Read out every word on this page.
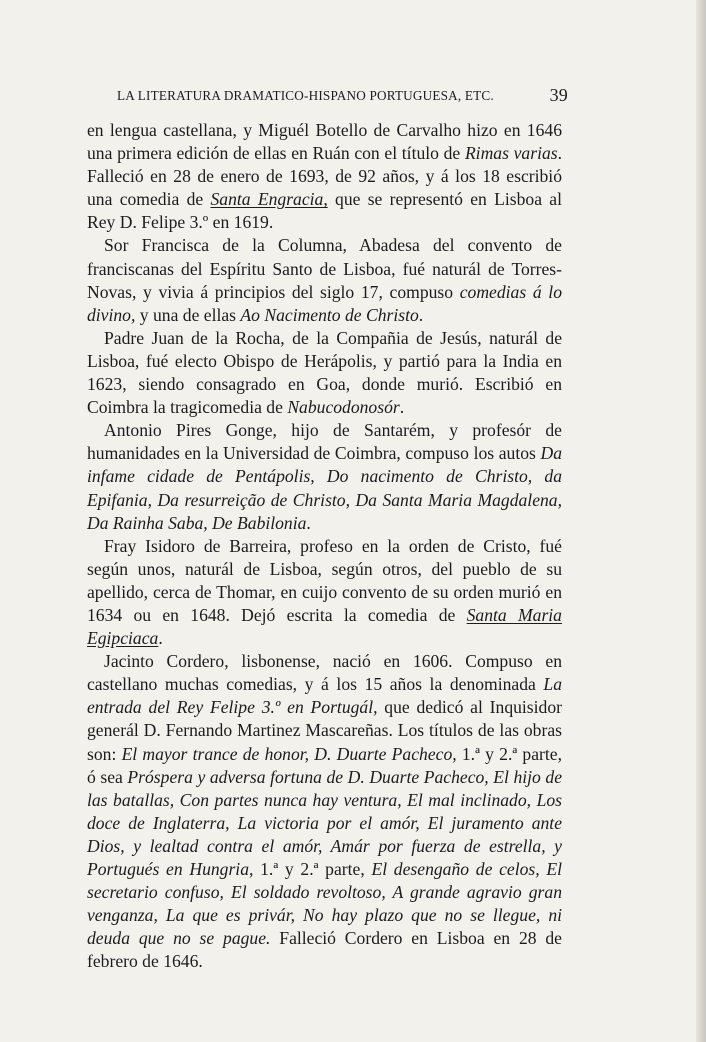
LA LITERATURA DRAMATICO-HISPANO PORTUGUESA, ETC.	39

en lengua castellana, y Miguél Botello de Carvalho hizo en 1646 una primera edición de ellas en Ruán con el título de Rimas varias. Falleció en 28 de enero de 1693, de 92 años, y á los 18 escribió una comedia de Santa Engracia, que se representó en Lisboa al Rey D. Felipe 3.º en 1619.

Sor Francisca de la Columna, Abadesa del convento de franciscanas del Espíritu Santo de Lisboa, fué naturál de Torres-Novas, y vivia á principios del siglo 17, compuso comedias á lo divino, y una de ellas Ao Nacimento de Christo.

Padre Juan de la Rocha, de la Compañia de Jesús, naturál de Lisboa, fué electo Obispo de Herápolis, y partió para la India en 1623, siendo consagrado en Goa, donde murió. Escribió en Coimbra la tragicomedia de Nabucodonosór.

Antonio Pires Gonge, hijo de Santarém, y profesór de humanidades en la Universidad de Coimbra, compuso los autos Da infame cidade de Pentápolis, Do nacimento de Christo, da Epifania, Da resurreição de Christo, Da Santa Maria Magdalena, Da Rainha Saba, De Babilonia.

Fray Isidoro de Barreira, profeso en la orden de Cristo, fué según unos, naturál de Lisboa, según otros, del pueblo de su apellido, cerca de Thomar, en cuijo convento de su orden murió en 1634 ou en 1648. Dejó escrita la comedia de Santa Maria Egipciaca.

Jacinto Cordero, lisbonense, nació en 1606. Compuso en castellano muchas comedias, y á los 15 años la denominada La entrada del Rey Felipe 3.º en Portugál, que dedicó al Inquisidor generál D. Fernando Martinez Mascareñas. Los títulos de las obras son: El mayor trance de honor, D. Duarte Pacheco, 1.ª y 2.ª parte, ó sea Próspera y adversa fortuna de D. Duarte Pacheco, El hijo de las batallas, Con partes nunca hay ventura, El mal inclinado, Los doce de Inglaterra, La victoria por el amór, El juramento ante Dios, y lealtad contra el amór, Amár por fuerza de estrella, y Portugués en Hungria, 1.ª y 2.ª parte, El desengaño de celos, El secretario confuso, El soldado revoltoso, A grande agravio gran venganza, La que es privár, No hay plazo que no se llegue, ni deuda que no se pague. Falleció Cordero en Lisboa en 28 de febrero de 1646.
